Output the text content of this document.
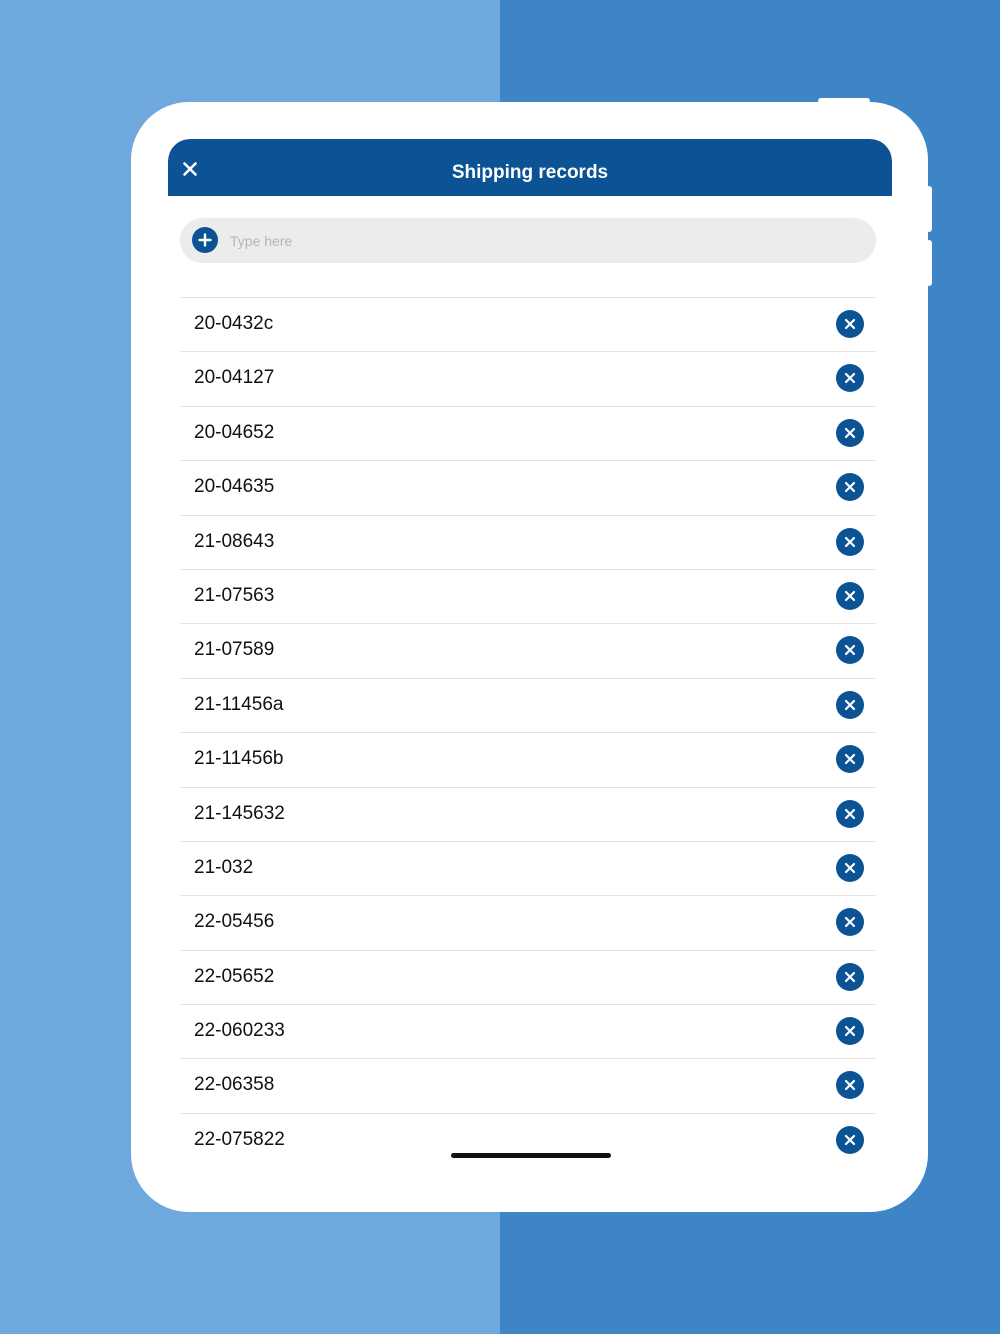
Shipping records
Type here
20-0432c
20-04127
20-04652
20-04635
21-08643
21-07563
21-07589
21-11456a
21-11456b
21-145632
21-032
22-05456
22-05652
22-060233
22-06358
22-075822
